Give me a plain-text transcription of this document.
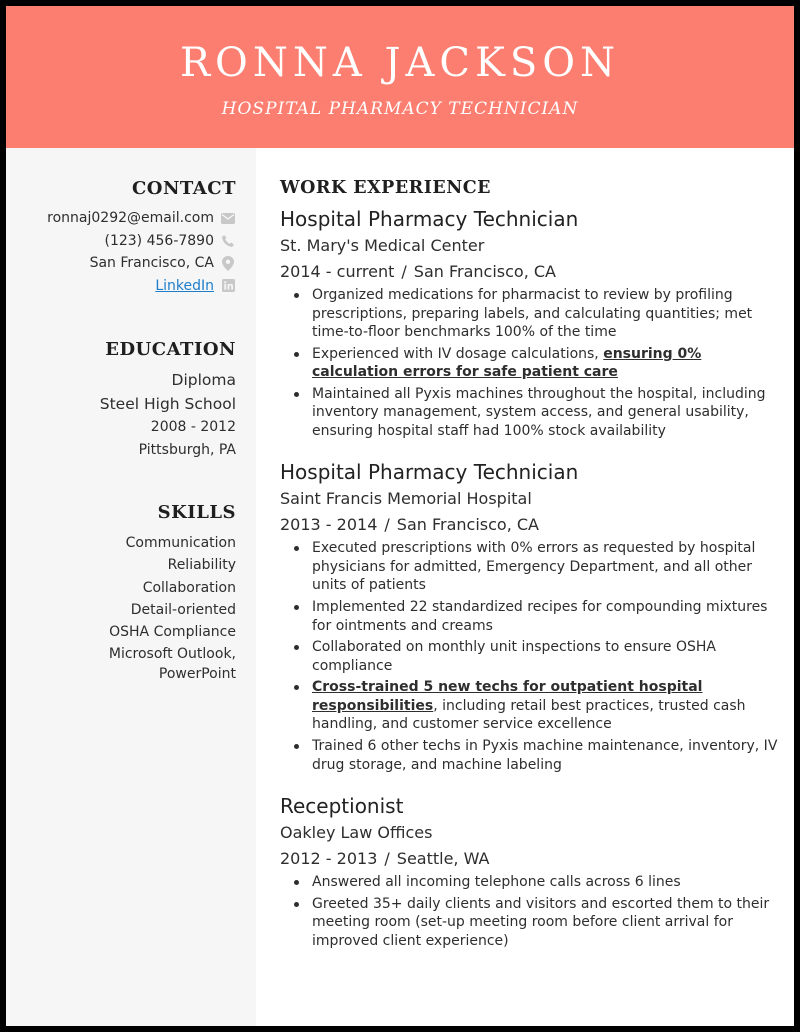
RONNA JACKSON
HOSPITAL PHARMACY TECHNICIAN
CONTACT
ronnaj0292@email.com
(123) 456-7890
San Francisco, CA
LinkedIn
EDUCATION
Diploma
Steel High School
2008 - 2012
Pittsburgh, PA
SKILLS
Communication
Reliability
Collaboration
Detail-oriented
OSHA Compliance
Microsoft Outlook,
PowerPoint
WORK EXPERIENCE
Hospital Pharmacy Technician
St. Mary's Medical Center
2014 - current / San Francisco, CA
Organized medications for pharmacist to review by profiling prescriptions, preparing labels, and calculating quantities; met time-to-floor benchmarks 100% of the time
Experienced with IV dosage calculations, ensuring 0% calculation errors for safe patient care
Maintained all Pyxis machines throughout the hospital, including inventory management, system access, and general usability, ensuring hospital staff had 100% stock availability
Hospital Pharmacy Technician
Saint Francis Memorial Hospital
2013 - 2014 / San Francisco, CA
Executed prescriptions with 0% errors as requested by hospital physicians for admitted, Emergency Department, and all other units of patients
Implemented 22 standardized recipes for compounding mixtures for ointments and creams
Collaborated on monthly unit inspections to ensure OSHA compliance
Cross-trained 5 new techs for outpatient hospital responsibilities, including retail best practices, trusted cash handling, and customer service excellence
Trained 6 other techs in Pyxis machine maintenance, inventory, IV drug storage, and machine labeling
Receptionist
Oakley Law Offices
2012 - 2013 / Seattle, WA
Answered all incoming telephone calls across 6 lines
Greeted 35+ daily clients and visitors and escorted them to their meeting room (set-up meeting room before client arrival for improved client experience)
